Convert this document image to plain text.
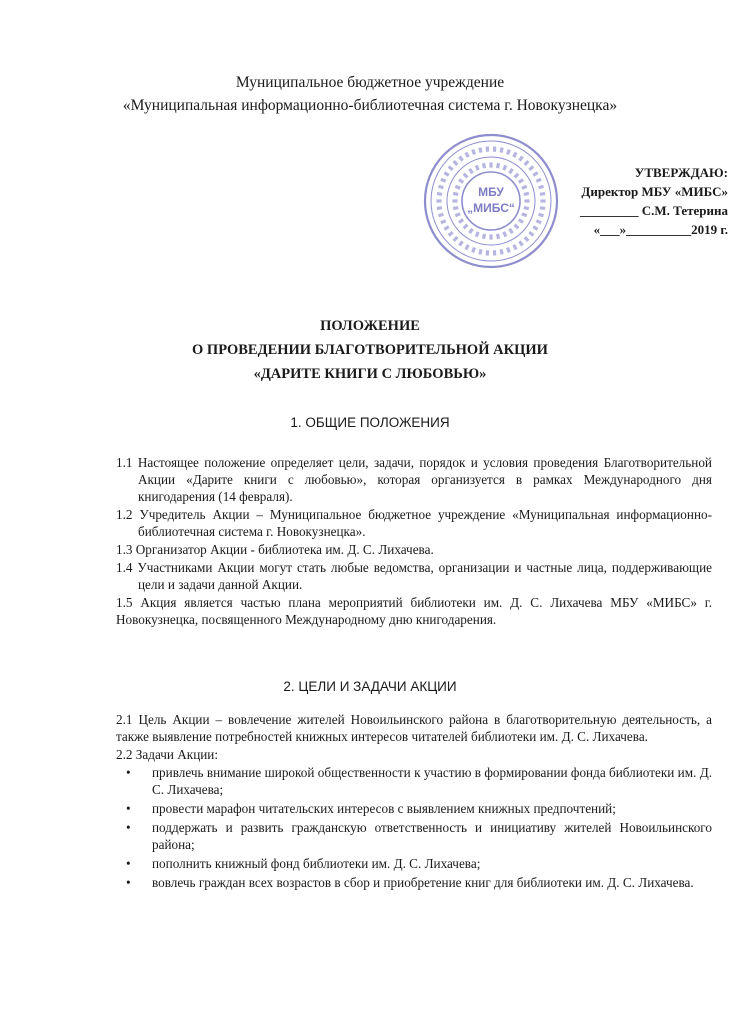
Муниципальное бюджетное учреждение
«Муниципальная информационно-библиотечная система г. Новокузнецка»
МБУ
„МИБС“
УТВЕРЖДАЮ:
Директор МБУ «МИБС»
_________ С.М. Тетерина
«___»__________2019 г.
ПОЛОЖЕНИЕ
О ПРОВЕДЕНИИ БЛАГОТВОРИТЕЛЬНОЙ АКЦИИ
«ДАРИТЕ КНИГИ С ЛЮБОВЬЮ»
1. ОБЩИЕ ПОЛОЖЕНИЯ

1.1 Настоящее положение определяет цели, задачи, порядок и условия проведения Благотворительной Акции «Дарите книги с любовью», которая организуется в рамках Международного дня книгодарения (14 февраля).

1.2 Учредитель Акции – Муниципальное бюджетное учреждение «Муниципальная информационно-библиотечная система г. Новокузнецка».

1.3 Организатор Акции - библиотека им. Д. С. Лихачева.

1.4 Участниками Акции могут стать любые ведомства, организации и частные лица, поддерживающие цели и задачи данной Акции.

1.5 Акция является частью плана мероприятий библиотеки им. Д. С. Лихачева МБУ «МИБС» г. Новокузнецка, посвященного Международному дню книгодарения.

2. ЦЕЛИ И ЗАДАЧИ АКЦИИ

2.1 Цель Акции – вовлечение жителей Новоильинского района в благотворительную деятельность, а также выявление потребностей книжных интересов читателей библиотеки им. Д. С. Лихачева.

2.2 Задачи Акции:

• привлечь внимание широкой общественности к участию в формировании фонда библиотеки им. Д. С. Лихачева;
• провести марафон читательских интересов с выявлением книжных предпочтений;
• поддержать и развить гражданскую ответственность и инициативу жителей Новоильинского района;
• пополнить книжный фонд библиотеки им. Д. С. Лихачева;
• вовлечь граждан всех возрастов в сбор и приобретение книг для библиотеки им. Д. С. Лихачева.
